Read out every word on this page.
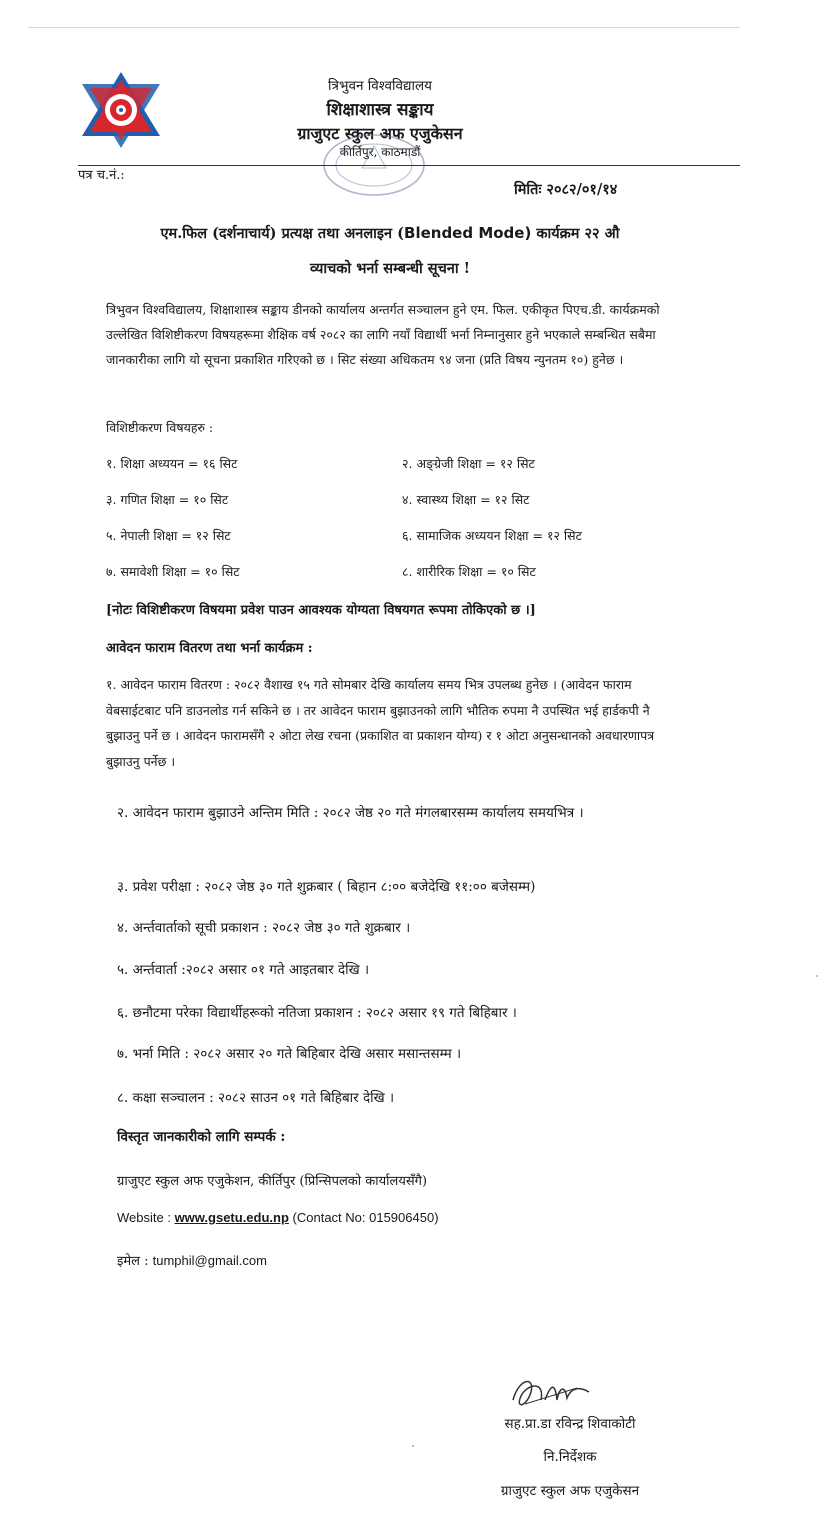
त्रिभुवन विश्वविद्यालय
शिक्षाशास्त्र सङ्काय
ग्राजुएट स्कुल अफ एजुकेसन
कीर्तिपुर, काठमाडौं
पत्र च.नं.:
मितिः २०८२/०१/१४
एम.फिल (दर्शनाचार्य) प्रत्यक्ष तथा अनलाइन (Blended Mode) कार्यक्रम २२ औ
व्याचको भर्ना सम्बन्धी सूचना !
त्रिभुवन विश्वविद्यालय, शिक्षाशास्त्र सङ्काय डीनको कार्यालय अन्तर्गत सञ्चालन हुने एम. फिल. एकीकृत पिएच.डी. कार्यक्रमको उल्लेखित विशिष्टीकरण विषयहरूमा शैक्षिक वर्ष २०८२ का लागि नयाँ विद्यार्थी भर्ना निम्नानुसार हुने भएकाले सम्बन्धित सबैमा जानकारीका लागि यो सूचना प्रकाशित गरिएको छ । सिट संख्या अधिकतम ९४ जना (प्रति विषय न्युनतम १०) हुनेछ ।
विशिष्टीकरण विषयहरु :
१. शिक्षा अध्ययन = १६ सिट	२. अङ्ग्रेजी शिक्षा = १२ सिट
३. गणित शिक्षा = १० सिट	४. स्वास्थ्य शिक्षा = १२ सिट
५. नेपाली शिक्षा = १२ सिट	६. सामाजिक अध्ययन शिक्षा = १२ सिट
७. समावेशी शिक्षा = १० सिट	८. शारीरिक शिक्षा = १० सिट
[नोटः विशिष्टीकरण विषयमा प्रवेश पाउन आवश्यक योग्यता विषयगत रूपमा तोकिएको छ ।]
आवेदन फाराम वितरण तथा भर्ना कार्यक्रम :
१. आवेदन फाराम वितरण : २०८२ वैशाख १५ गते सोमबार देखि कार्यालय समय भित्र उपलब्ध हुनेछ । (आवेदन फाराम वेबसाईटबाट पनि डाउनलोड गर्न सकिने छ । तर आवेदन फाराम बुझाउनको लागि भौतिक रुपमा नै उपस्थित भई हार्डकपी नै बुझाउनु पर्ने छ । आवेदन फारामसँगै २ ओटा लेख रचना (प्रकाशित वा प्रकाशन योग्य) र १ ओटा अनुसन्धानको अवधारणापत्र बुझाउनु पर्नेछ ।
२. आवेदन फाराम बुझाउने अन्तिम मिति : २०८२ जेष्ठ २० गते मंगलबारसम्म कार्यालय समयभित्र ।
३. प्रवेश परीक्षा : २०८२ जेष्ठ ३० गते शुक्रबार ( बिहान ८:०० बजेदेखि ११:०० बजेसम्म)
४. अर्न्तवार्ताको सूची प्रकाशन : २०८२ जेष्ठ ३० गते शुक्रबार ।
५. अर्न्तवार्ता :२०८२ असार ०१ गते आइतबार देखि ।
६. छनौटमा परेका विद्यार्थीहरूको नतिजा प्रकाशन : २०८२ असार १९ गते बिहिबार ।
७. भर्ना मिति : २०८२ असार २० गते बिहिबार देखि असार मसान्तसम्म ।
८. कक्षा सञ्चालन : २०८२ साउन ०१ गते बिहिबार देखि ।
विस्तृत जानकारीको लागि सम्पर्क :
ग्राजुएट स्कुल अफ एजुकेशन, कीर्तिपुर (प्रिन्सिपलको कार्यालयसँगै)
Website : www.gsetu.edu.np (Contact No: 015906450)
इमेल : tumphil@gmail.com
सह.प्रा.डा रविन्द्र शिवाकोटी
नि.निर्देशक
ग्राजुएट स्कुल अफ एजुकेसन
